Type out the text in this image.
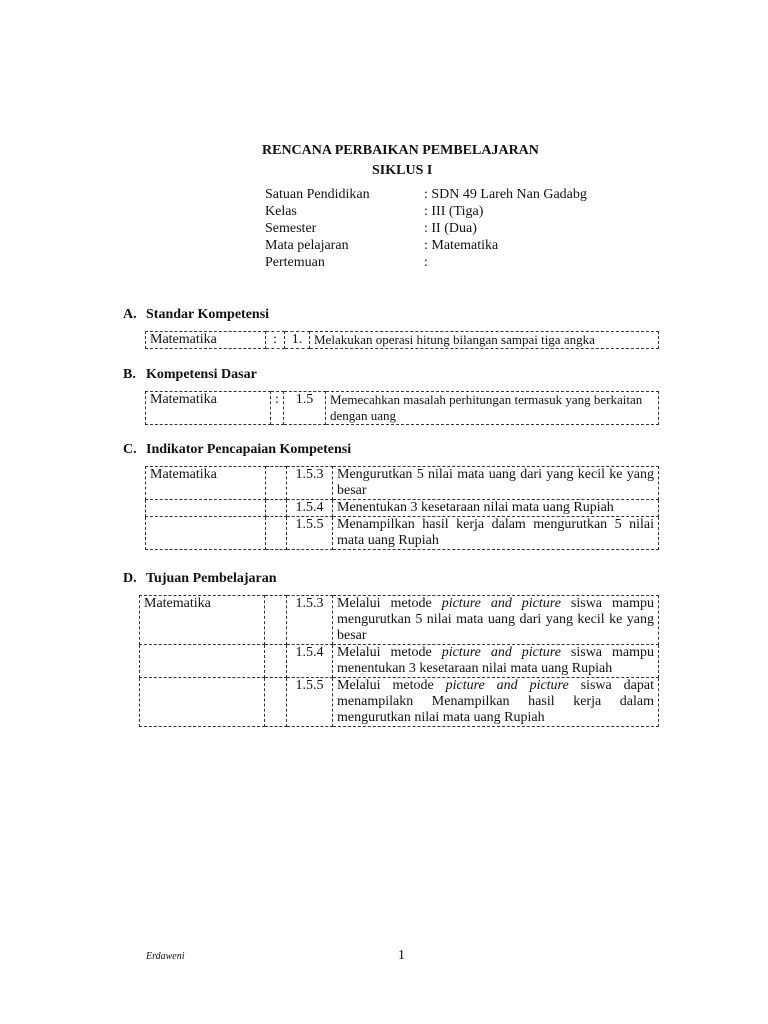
RENCANA PERBAIKAN PEMBELAJARAN
SIKLUS I
Satuan Pendidikan	: SDN 49 Lareh Nan Gadabg
Kelas	: III (Tiga)
Semester	: II (Dua)
Mata pelajaran	: Matematika
Pertemuan	:
A. Standar Kompetensi
Matematika	:	1.	Melakukan operasi hitung bilangan sampai tiga angka
B. Kompetensi Dasar
Matematika	:	1.5	Memecahkan masalah perhitungan termasuk yang berkaitan dengan uang
C. Indikator Pencapaian Kompetensi
Matematika		1.5.3	Mengurutkan 5 nilai mata uang dari yang kecil ke yang besar
		1.5.4	Menentukan 3 kesetaraan nilai mata uang Rupiah
		1.5.5	Menampilkan hasil kerja dalam mengurutkan 5 nilai mata uang Rupiah
D. Tujuan Pembelajaran
Matematika		1.5.3	Melalui metode picture and picture siswa mampu mengurutkan 5 nilai mata uang dari yang kecil ke yang besar
		1.5.4	Melalui metode picture and picture siswa mampu menentukan 3 kesetaraan nilai mata uang Rupiah
		1.5.5	Melalui metode picture and picture siswa dapat menampilakn Menampilkan hasil kerja dalam mengurutkan nilai mata uang Rupiah
Erdaweni	1
